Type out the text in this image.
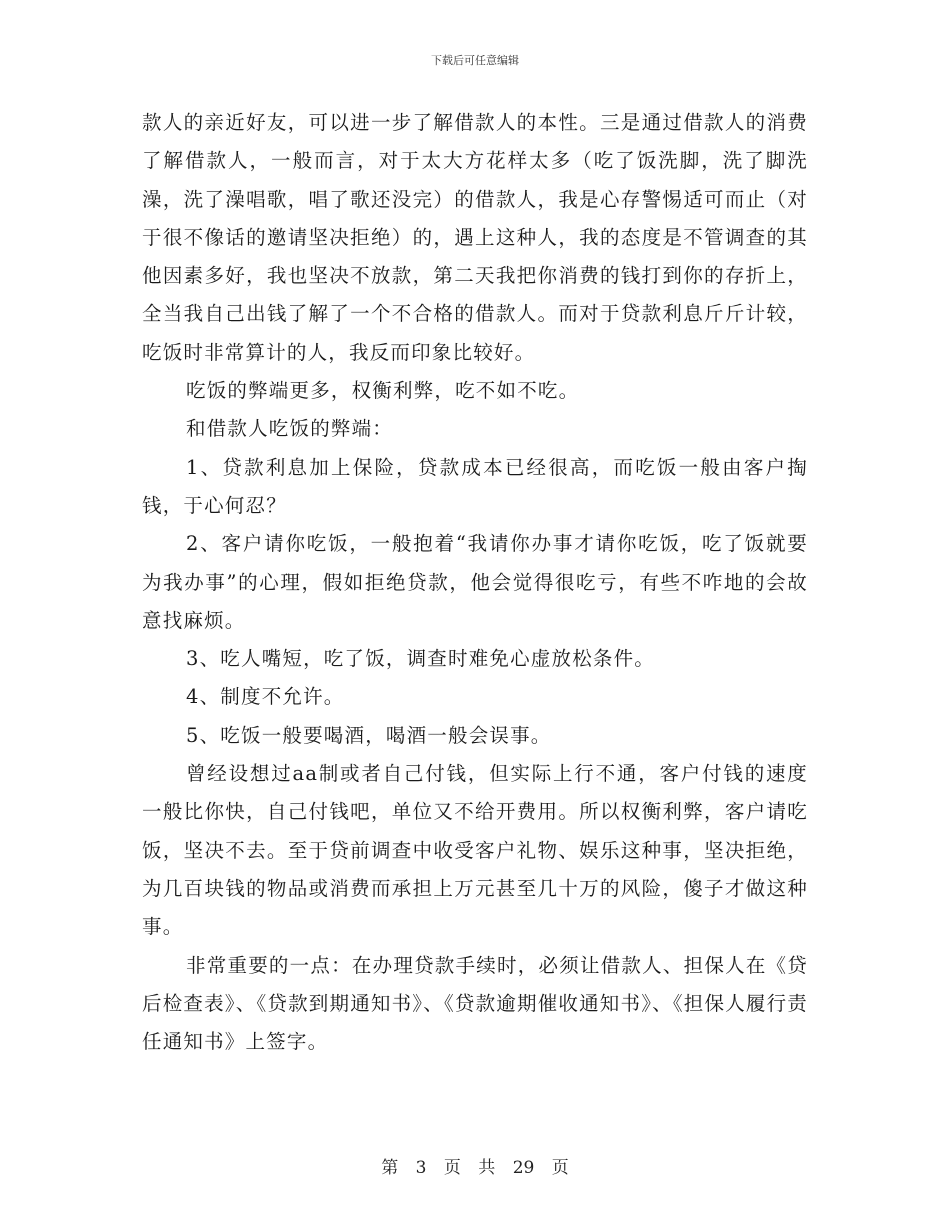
下载后可任意编辑

款人的亲近好友，可以进一步了解借款人的本性。三是通过借款人的消费了解借款人，一般而言，对于太大方花样太多（吃了饭洗脚，洗了脚洗澡，洗了澡唱歌，唱了歌还没完）的借款人，我是心存警惕适可而止（对于很不像话的邀请坚决拒绝）的，遇上这种人，我的态度是不管调查的其他因素多好，我也坚决不放款，第二天我把你消费的钱打到你的存折上，全当我自己出钱了解了一个不合格的借款人。而对于贷款利息斤斤计较，吃饭时非常算计的人，我反而印象比较好。

吃饭的弊端更多，权衡利弊，吃不如不吃。

和借款人吃饭的弊端：

1、贷款利息加上保险，贷款成本已经很高，而吃饭一般由客户掏钱，于心何忍？

2、客户请你吃饭，一般抱着“我请你办事才请你吃饭，吃了饭就要为我办事”的心理，假如拒绝贷款，他会觉得很吃亏，有些不咋地的会故意找麻烦。

3、吃人嘴短，吃了饭，调查时难免心虚放松条件。

4、制度不允许。

5、吃饭一般要喝酒，喝酒一般会误事。

曾经设想过aa制或者自己付钱，但实际上行不通，客户付钱的速度一般比你快，自己付钱吧，单位又不给开费用。所以权衡利弊，客户请吃饭，坚决不去。至于贷前调查中收受客户礼物、娱乐这种事，坚决拒绝，为几百块钱的物品或消费而承担上万元甚至几十万的风险，傻子才做这种事。

非常重要的一点：在办理贷款手续时，必须让借款人、担保人在《贷后检查表》、《贷款到期通知书》、《贷款逾期催收通知书》、《担保人履行责任通知书》上签字。

第 3 页 共 29 页
